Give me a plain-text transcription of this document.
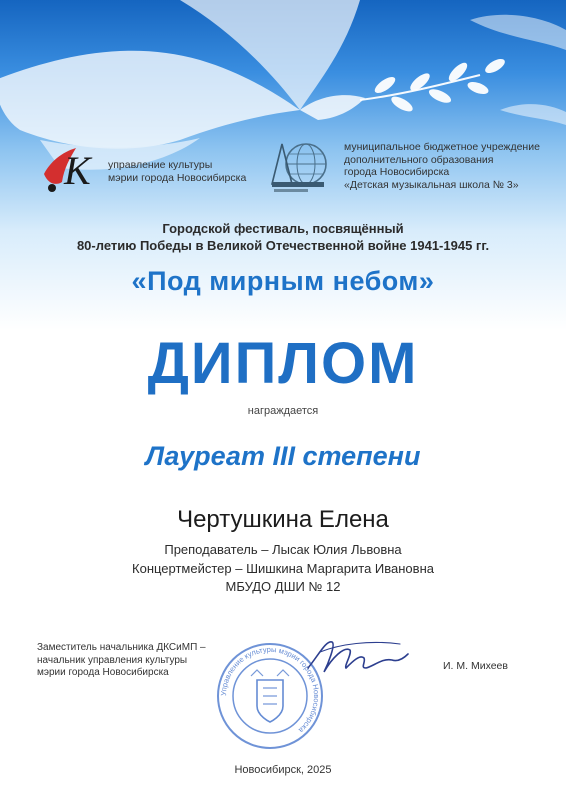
K управление культуры
мэрии города Новосибирска
муниципальное бюджетное учреждение
дополнительного образования
города Новосибирска
«Детская музыкальная школа № 3»
Городской фестиваль, посвящённый
80-летию Победы в Великой Отечественной войне 1941-1945 гг.
«Под мирным небом»
ДИПЛОМ
награждается
Лауреат III степени
Чертушкина Елена
Преподаватель – Лысак Юлия Львовна
Концертмейстер – Шишкина Маргарита Ивановна
МБУДО ДШИ № 12
Заместитель начальника ДКСиМП –
начальник управления культуры
мэрии города Новосибирска
Управление культуры мэрии города Новосибирска
И. М. Михеев
Новосибирск, 2025
